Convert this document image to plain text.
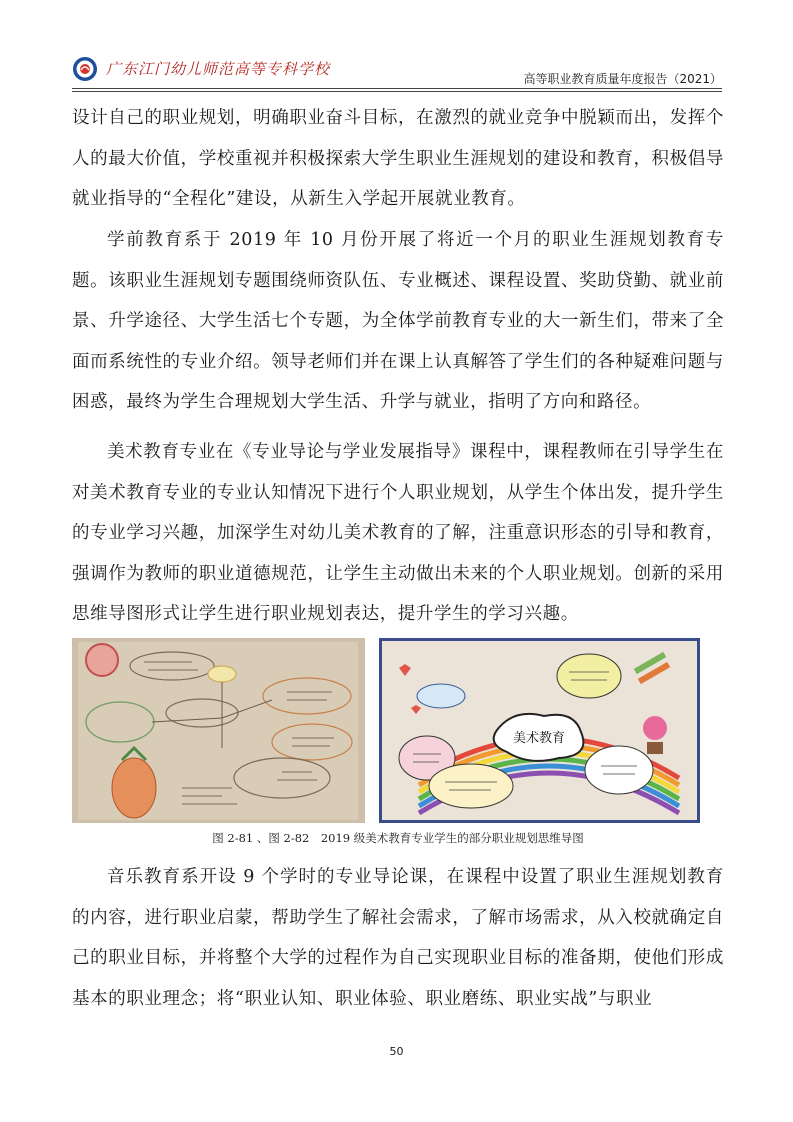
广东江门幼儿师范高等专科学校
高等职业教育质量年度报告（2021）

设计自己的职业规划，明确职业奋斗目标，在激烈的就业竞争中脱颖而出，发挥个人的最大价值，学校重视并积极探索大学生职业生涯规划的建设和教育，积极倡导就业指导的“全程化”建设，从新生入学起开展就业教育。

学前教育系于 2019 年 10 月份开展了将近一个月的职业生涯规划教育专题。该职业生涯规划专题围绕师资队伍、专业概述、课程设置、奖助贷勤、就业前景、升学途径、大学生活七个专题，为全体学前教育专业的大一新生们，带来了全面而系统性的专业介绍。领导老师们并在课上认真解答了学生们的各种疑难问题与困惑，最终为学生合理规划大学生活、升学与就业，指明了方向和路径。

美术教育专业在《专业导论与学业发展指导》课程中，课程教师在引导学生在对美术教育专业的专业认知情况下进行个人职业规划，从学生个体出发，提升学生的专业学习兴趣，加深学生对幼儿美术教育的了解，注重意识形态的引导和教育，强调作为教师的职业道德规范，让学生主动做出未来的个人职业规划。创新的采用思维导图形式让学生进行职业规划表达，提升学生的学习兴趣。

美术教育
图 2-81 、图 2-82　2019 级美术教育专业学生的部分职业规划思维导图

音乐教育系开设 9 个学时的专业导论课，在课程中设置了职业生涯规划教育的内容，进行职业启蒙，帮助学生了解社会需求，了解市场需求，从入校就确定自己的职业目标，并将整个大学的过程作为自己实现职业目标的准备期，使他们形成基本的职业理念；将“职业认知、职业体验、职业磨练、职业实战”与职业

50
